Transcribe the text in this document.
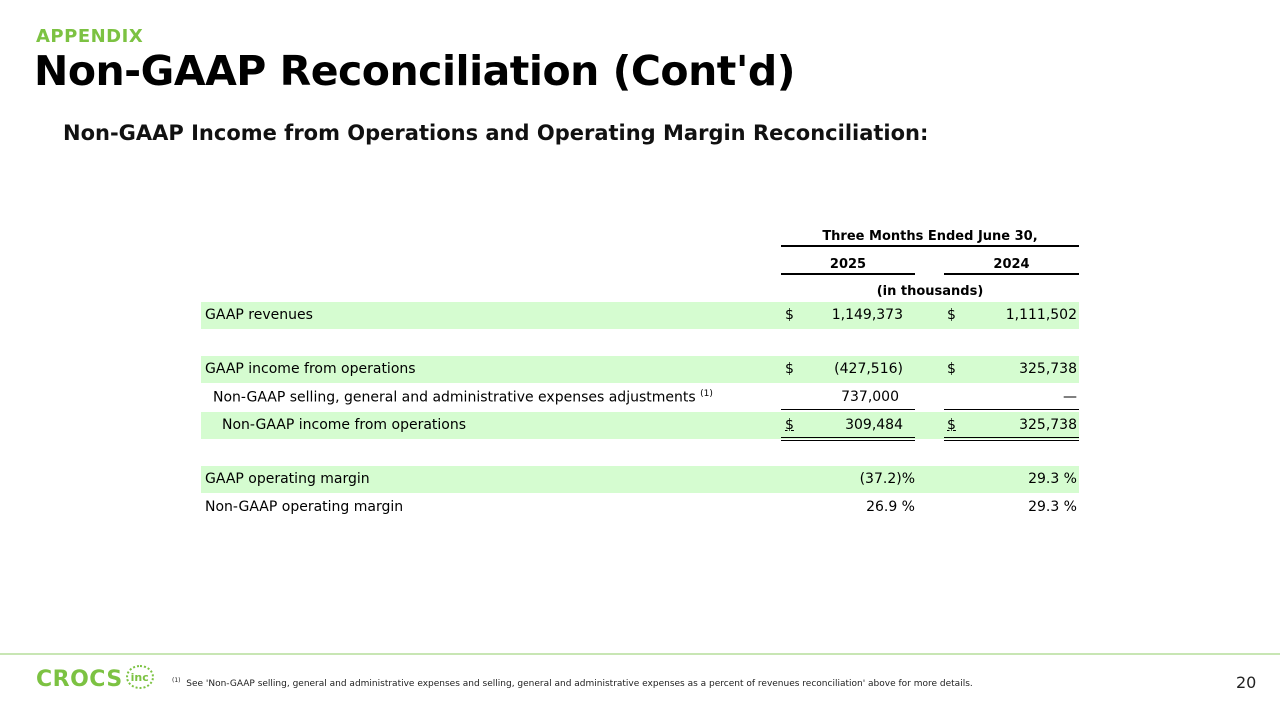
APPENDIX
Non-GAAP Reconciliation (Cont'd)
Non-GAAP Income from Operations and Operating Margin Reconciliation:
Three Months Ended June 30,
2025	2024
(in thousands)
GAAP revenues	$	1,149,373	$	1,111,502
GAAP income from operations	$	(427,516)	$	325,738
Non-GAAP selling, general and administrative expenses adjustments $^{(1)}$	737,000	—
Non-GAAP income from operations	$	309,484	$	325,738
GAAP operating margin	(37.2)%	29.3 %
Non-GAAP operating margin	26.9 %	29.3 %
CROCS inc	$^{(1)}$ See 'Non-GAAP selling, general and administrative expenses and selling, general and administrative expenses as a percent of revenues reconciliation' above for more details.	20
